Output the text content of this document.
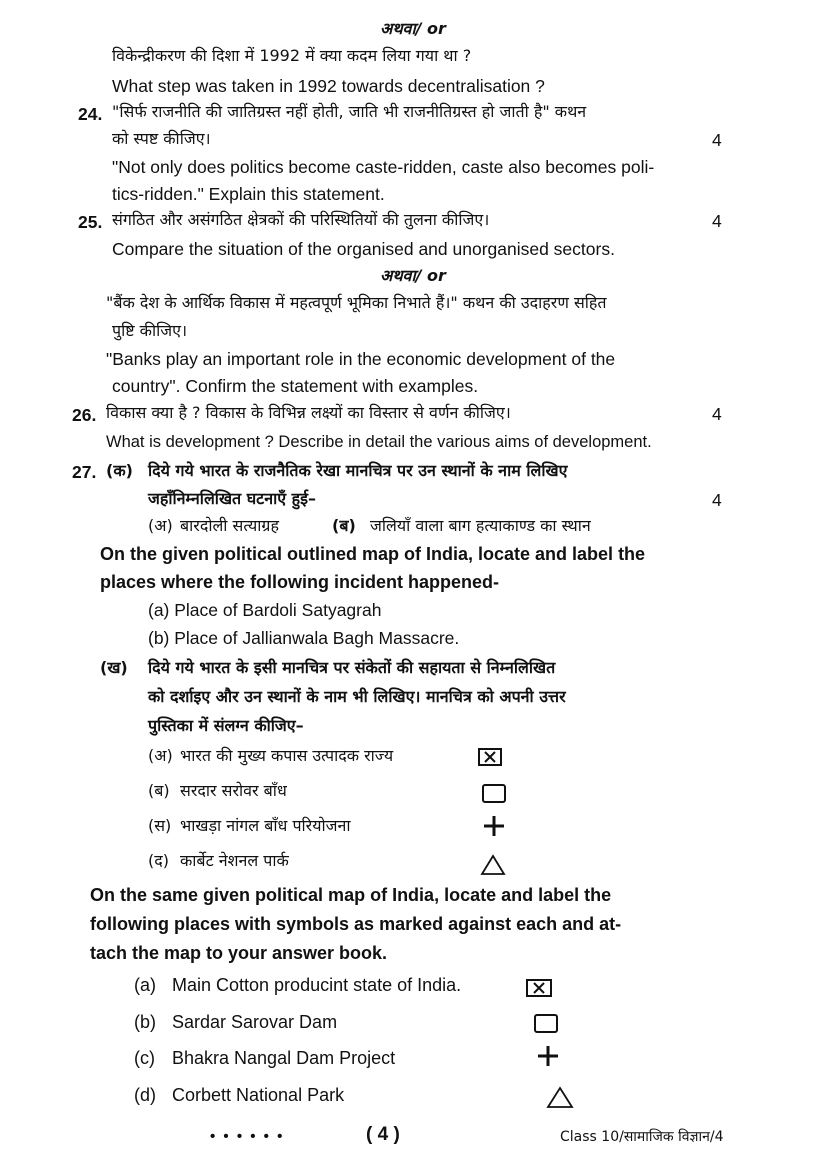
अथवा/ or
विकेन्द्रीकरण की दिशा में 1992 में क्या कदम लिया गया था ?
What step was taken in 1992 towards decentralisation ?
24. "सिर्फ राजनीति की जातिग्रस्त नहीं होती, जाति भी राजनीतिग्रस्त हो जाती है" कथन
को स्पष्ट कीजिए।	4
"Not only does politics become caste-ridden, caste also becomes poli-
tics-ridden." Explain this statement.
25. संगठित और असंगठित क्षेत्रकों की परिस्थितियों की तुलना कीजिए।	4
Compare the situation of the organised and unorganised sectors.
अथवा/ or
"बैंक देश के आर्थिक विकास में महत्वपूर्ण भूमिका निभाते हैं।" कथन की उदाहरण सहित
पुष्टि कीजिए।
"Banks play an important role in the economic development of the
country". Confirm the statement with examples.
26. विकास क्या है ? विकास के विभिन्न लक्ष्यों का विस्तार से वर्णन कीजिए।	4
What is development ? Describe in detail the various aims of development.
27. (क) दिये गये भारत के राजनैतिक रेखा मानचित्र पर उन स्थानों के नाम लिखिए
जहाँनिम्नलिखित घटनाएँ हुई–	4
(अ) बारदोली सत्याग्रह	(ब) जलियाँ वाला बाग हत्याकाण्ड का स्थान
On the given political outlined map of India, locate and label the
places where the following incident happened-
(a) Place of Bardoli Satyagrah
(b) Place of Jallianwala Bagh Massacre.
(ख) दिये गये भारत के इसी मानचित्र पर संकेतों की सहायता से निम्नलिखित
को दर्शाइए और उन स्थानों के नाम भी लिखिए। मानचित्र को अपनी उत्तर
पुस्तिका में संलग्न कीजिए–
(अ) भारत की मुख्य कपास उत्पादक राज्य
(ब) सरदार सरोवर बाँध
(स) भाखड़ा नांगल बाँध परियोजना
(द) कार्बेट नेशनल पार्क
On the same given political map of India, locate and label the
following places with symbols as marked against each and at-
tach the map to your answer book.
(a) Main Cotton producint state of India.
(b) Sardar Sarovar Dam
(c) Bhakra Nangal Dam Project
(d) Corbett National Park
• • • • • •	( 4 )	Class 10/सामाजिक विज्ञान/4
